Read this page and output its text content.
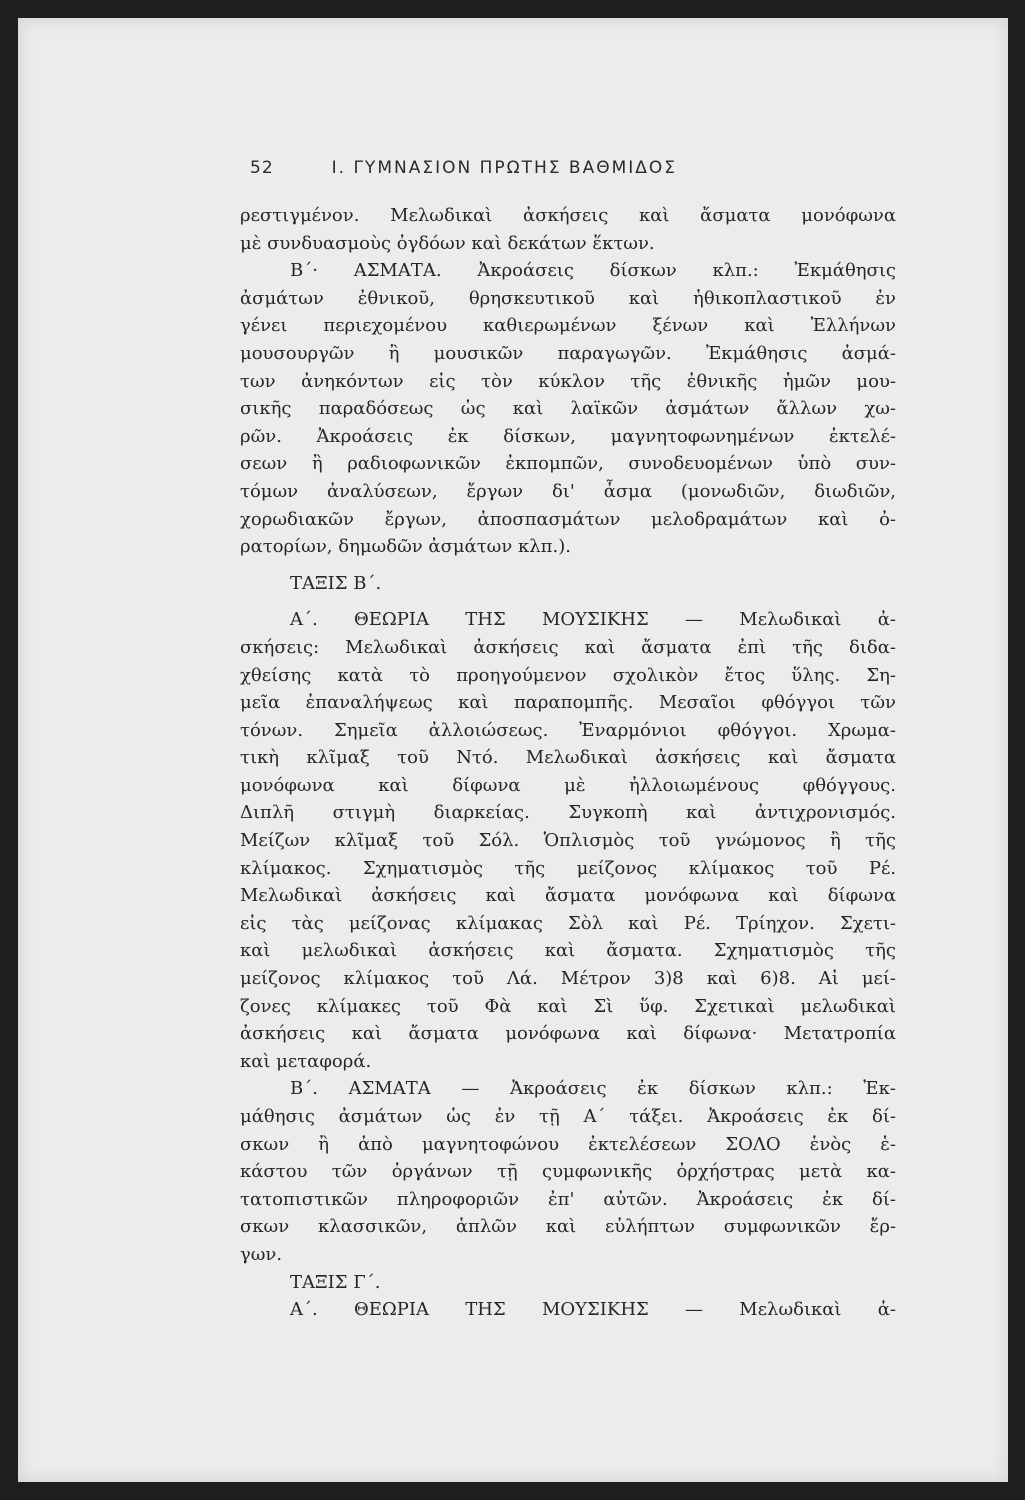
52	Ι. ΓΥΜΝΑΣΙΟΝ ΠΡΩΤΗΣ ΒΑΘΜΙΔΟΣ
ρεστιγμένον. Μελωδικαὶ ἀσκήσεις καὶ ἄσματα μονόφωνα
μὲ συνδυασμοὺς ὀγδόων καὶ δεκάτων ἕκτων.
Β΄· ΑΣΜΑΤΑ. Ἀκροάσεις δίσκων κλπ.: Ἐκμάθησις
ἀσμάτων ἐθνικοῦ, θρησκευτικοῦ καὶ ἠθικοπλαστικοῦ ἐν
γένει περιεχομένου καθιερωμένων ξένων καὶ Ἑλλήνων
μουσουργῶν ἢ μουσικῶν παραγωγῶν. Ἐκμάθησις ἀσμά-
των ἀνηκόντων εἰς τὸν κύκλον τῆς ἐθνικῆς ἡμῶν μου-
σικῆς παραδόσεως ὡς καὶ λαϊκῶν ἀσμάτων ἄλλων χω-
ρῶν. Ἀκροάσεις ἐκ δίσκων, μαγνητοφωνημένων ἐκτελέ-
σεων ἢ ραδιοφωνικῶν ἐκπομπῶν, συνοδευομένων ὑπὸ συν-
τόμων ἀναλύσεων, ἔργων δι' ἆσμα (μονωδιῶν, διωδιῶν,
χορωδιακῶν ἔργων, ἀποσπασμάτων μελοδραμάτων καὶ ὀ-
ρατορίων, δημωδῶν ἀσμάτων κλπ.).
ΤΑΞΙΣ Β΄.
Α΄. ΘΕΩΡΙΑ ΤΗΣ ΜΟΥΣΙΚΗΣ — Μελωδικαὶ ἀ-
σκήσεις: Μελωδικαὶ ἀσκήσεις καὶ ἄσματα ἐπὶ τῆς διδα-
χθείσης κατὰ τὸ προηγούμενον σχολικὸν ἔτος ὕλης. Ση-
μεῖα ἐπαναλήψεως καὶ παραπομπῆς. Μεσαῖοι φθόγγοι τῶν
τόνων. Σημεῖα ἀλλοιώσεως. Ἐναρμόνιοι φθόγγοι. Χρωμα-
τικὴ κλῖμαξ τοῦ Ντό. Μελωδικαὶ ἀσκήσεις καὶ ἄσματα
μονόφωνα καὶ δίφωνα μὲ ἠλλοιωμένους φθόγγους.
Διπλῆ στιγμὴ διαρκείας. Συγκοπὴ καὶ ἀντιχρονισμός.
Μείζων κλῖμαξ τοῦ Σόλ. Ὁπλισμὸς τοῦ γνώμονος ἢ τῆς
κλίμακος. Σχηματισμὸς τῆς μείζονος κλίμακος τοῦ Ρέ.
Μελωδικαὶ ἀσκήσεις καὶ ἄσματα μονόφωνα καὶ δίφωνα
εἰς τὰς μείζονας κλίμακας Σὸλ καὶ Ρέ. Τρίηχον. Σχετι-
καὶ μελωδικαὶ ἀσκήσεις καὶ ἄσματα. Σχηματισμὸς τῆς
μείζονος κλίμακος τοῦ Λά. Μέτρον 3)8 καὶ 6)8. Αἱ μεί-
ζονες κλίμακες τοῦ Φὰ καὶ Σὶ ὕφ. Σχετικαὶ μελωδικαὶ
ἀσκήσεις καὶ ἄσματα μονόφωνα καὶ δίφωνα· Μετατροπία
καὶ μεταφορά.
Β΄. ΑΣΜΑΤΑ — Ἀκροάσεις ἐκ δίσκων κλπ.: Ἐκ-
μάθησις ἀσμάτων ὡς ἐν τῇ Α΄ τάξει. Ἀκροάσεις ἐκ δί-
σκων ἢ ἀπὸ μαγνητοφώνου ἐκτελέσεων ΣΟΛΟ ἑνὸς ἑ-
κάστου τῶν ὀργάνων τῇ ςυμφωνικῆς ὀρχήστρας μετὰ κα-
τατοπιστικῶν πληροφοριῶν ἐπ' αὐτῶν. Ἀκροάσεις ἐκ δί-
σκων κλασσικῶν, ἁπλῶν καὶ εὐλήπτων συμφωνικῶν ἔρ-
γων.
ΤΑΞΙΣ Γ΄.
Α΄. ΘΕΩΡΙΑ ΤΗΣ ΜΟΥΣΙΚΗΣ — Μελωδικαὶ ἀ-
